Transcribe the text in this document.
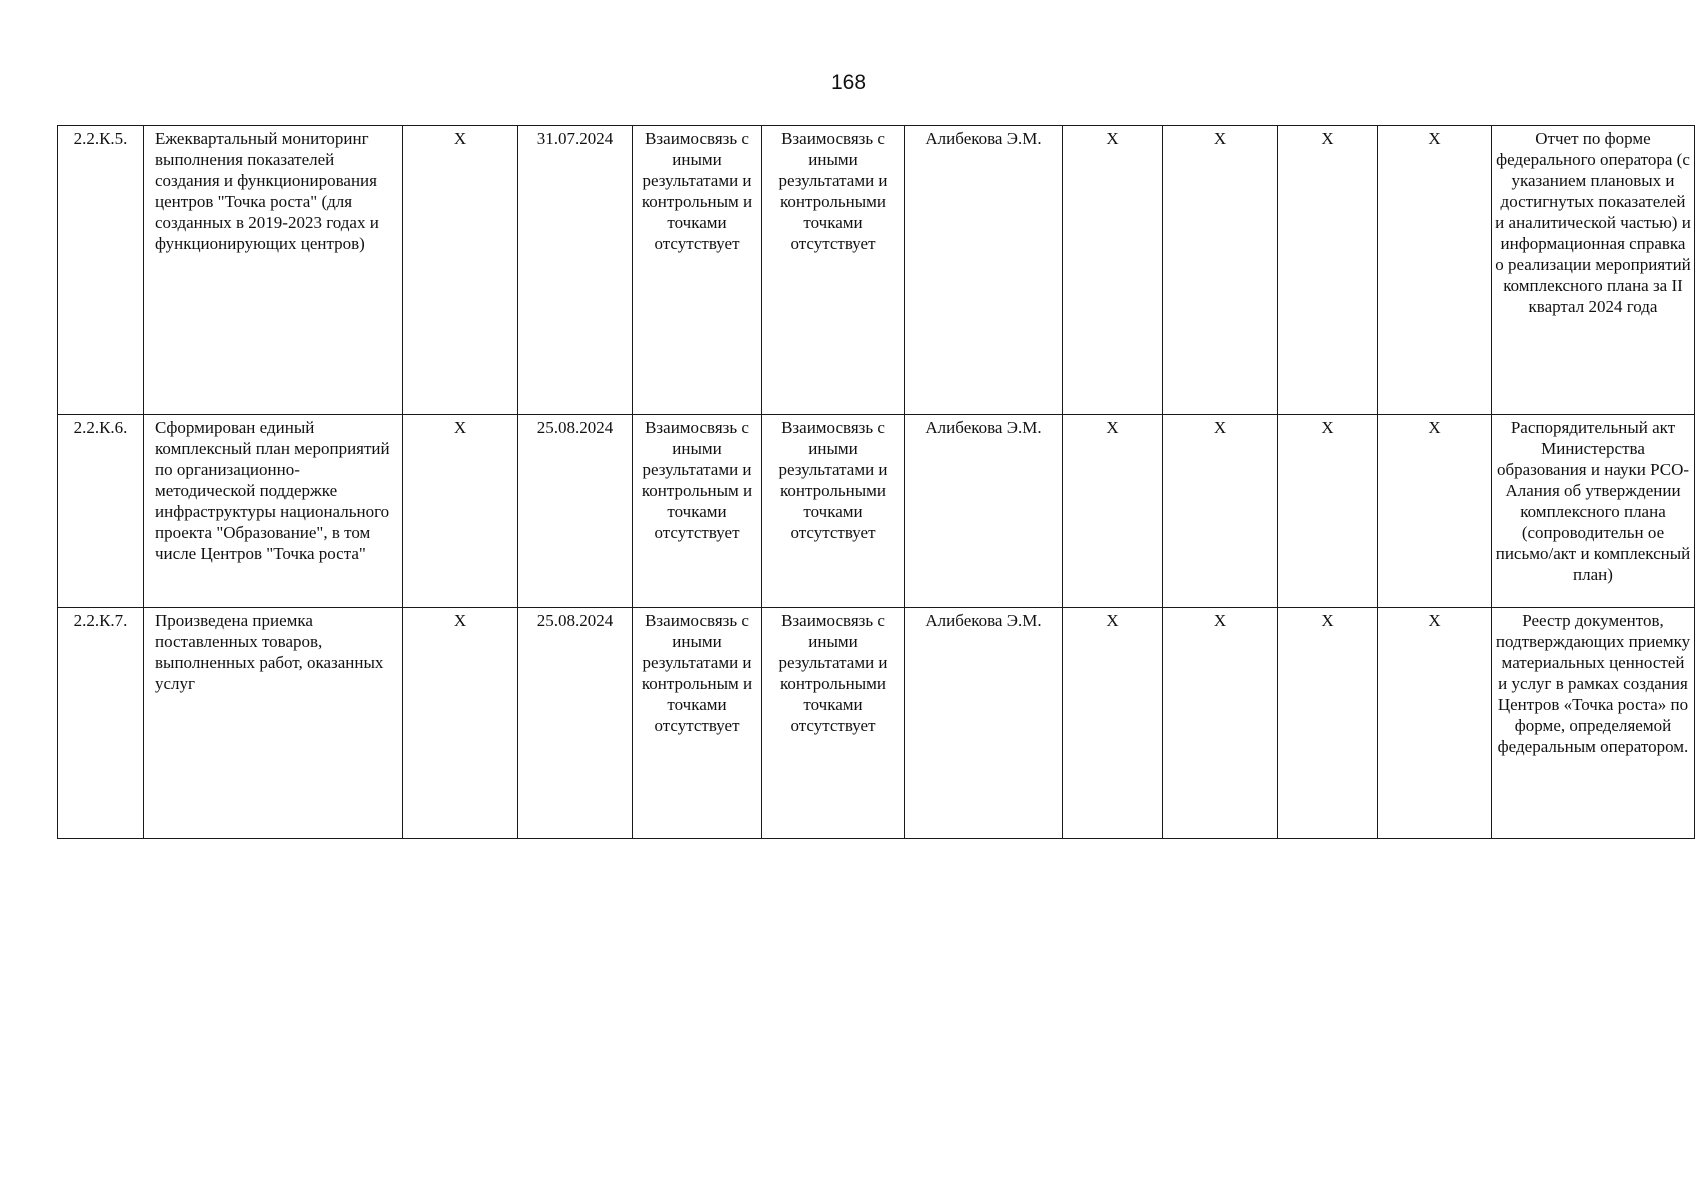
168
2.2.К.5.	Ежеквартальный мониторинг выполнения показателей создания и функционирования центров "Точка роста" (для созданных в 2019-2023 годах и функционирующих центров)	Х	31.07.2024	Взаимосвязь с иными результатами и контрольным и точками отсутствует	Взаимосвязь с иными результатами и контрольными точками отсутствует	Алибекова Э.М.	Х	Х	Х	Х	Отчет по форме федерального оператора (с указанием плановых и достигнутых показателей и аналитической частью) и информационная справка о реализации мероприятий комплексного плана за II квартал 2024 года
2.2.К.6.	Сформирован единый комплексный план мероприятий по организационно-методической поддержке инфраструктуры национального проекта "Образование", в том числе Центров "Точка роста"	Х	25.08.2024	Взаимосвязь с иными результатами и контрольным и точками отсутствует	Взаимосвязь с иными результатами и контрольными точками отсутствует	Алибекова Э.М.	Х	Х	Х	Х	Распорядительный акт Министерства образования и науки РСО-Алания об утверждении комплексного плана (сопроводительн ое письмо/акт и комплексный план)
2.2.К.7.	Произведена приемка поставленных товаров, выполненных работ, оказанных услуг	Х	25.08.2024	Взаимосвязь с иными результатами и контрольным и точками отсутствует	Взаимосвязь с иными результатами и контрольными точками отсутствует	Алибекова Э.М.	Х	Х	Х	Х	Реестр документов, подтверждающих приемку материальных ценностей и услуг в рамках создания Центров «Точка роста» по форме, определяемой федеральным оператором.
